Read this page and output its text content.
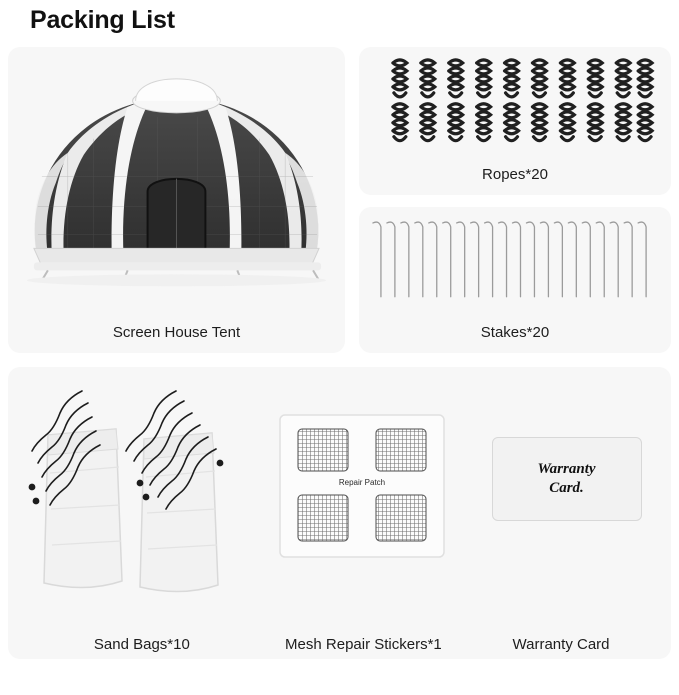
Packing List
Screen House Tent
Ropes*20
Stakes*20
Repair Patch
Warranty
Card.
Sand Bags*10	Mesh Repair Stickers*1	Warranty Card
